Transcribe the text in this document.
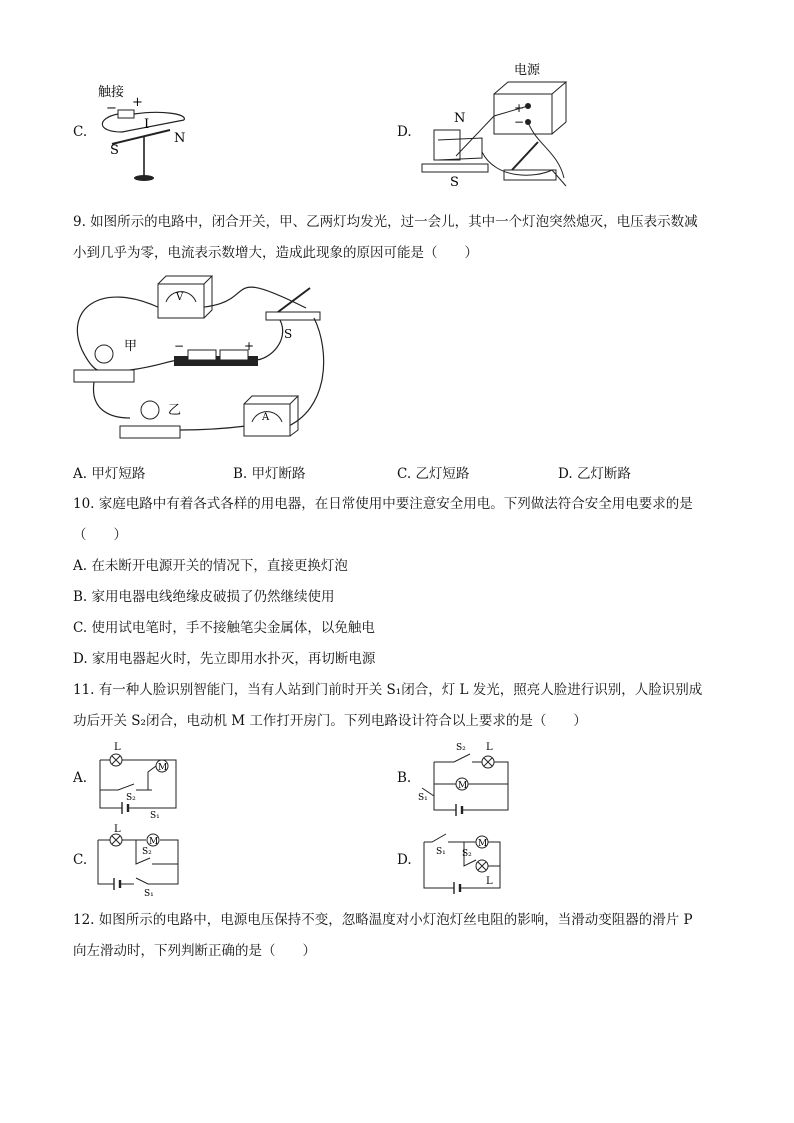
C.
触接
− +
I
S
N	D.
电源
+
−
N
S
9. 如图所示的电路中，闭合开关，甲、乙两灯均发光，过一会儿，其中一个灯泡突然熄灭，电压表示数减
小到几乎为零，电流表示数增大，造成此现象的原因可能是（　　）
V
S
−	+
甲
乙	A
A. 甲灯短路	B. 甲灯断路	C. 乙灯短路	D. 乙灯断路
10. 家庭电路中有着各式各样的用电器，在日常使用中要注意安全用电。下列做法符合安全用电要求的是
（　　）
A. 在未断开电源开关的情况下，直接更换灯泡
B. 家用电器电线绝缘皮破损了仍然继续使用
C. 使用试电笔时，手不接触笔尖金属体，以免触电
D. 家用电器起火时，先立即用水扑灭，再切断电源
11. 有一种人脸识别智能门，当有人站到门前时开关 S₁闭合，灯 L 发光，照亮人脸进行识别，人脸识别成
功后开关 S₂闭合，电动机 M 工作打开房门。下列电路设计符合以上要求的是（　　）
A.
L
M
S₂
S₁
B.
S₂ L
M
S₁
C.
L
M
S₂
S₁
D.
M
S₁ S₂
L
12. 如图所示的电路中，电源电压保持不变，忽略温度对小灯泡灯丝电阻的影响，当滑动变阻器的滑片 P
向左滑动时，下列判断正确的是（　　）
